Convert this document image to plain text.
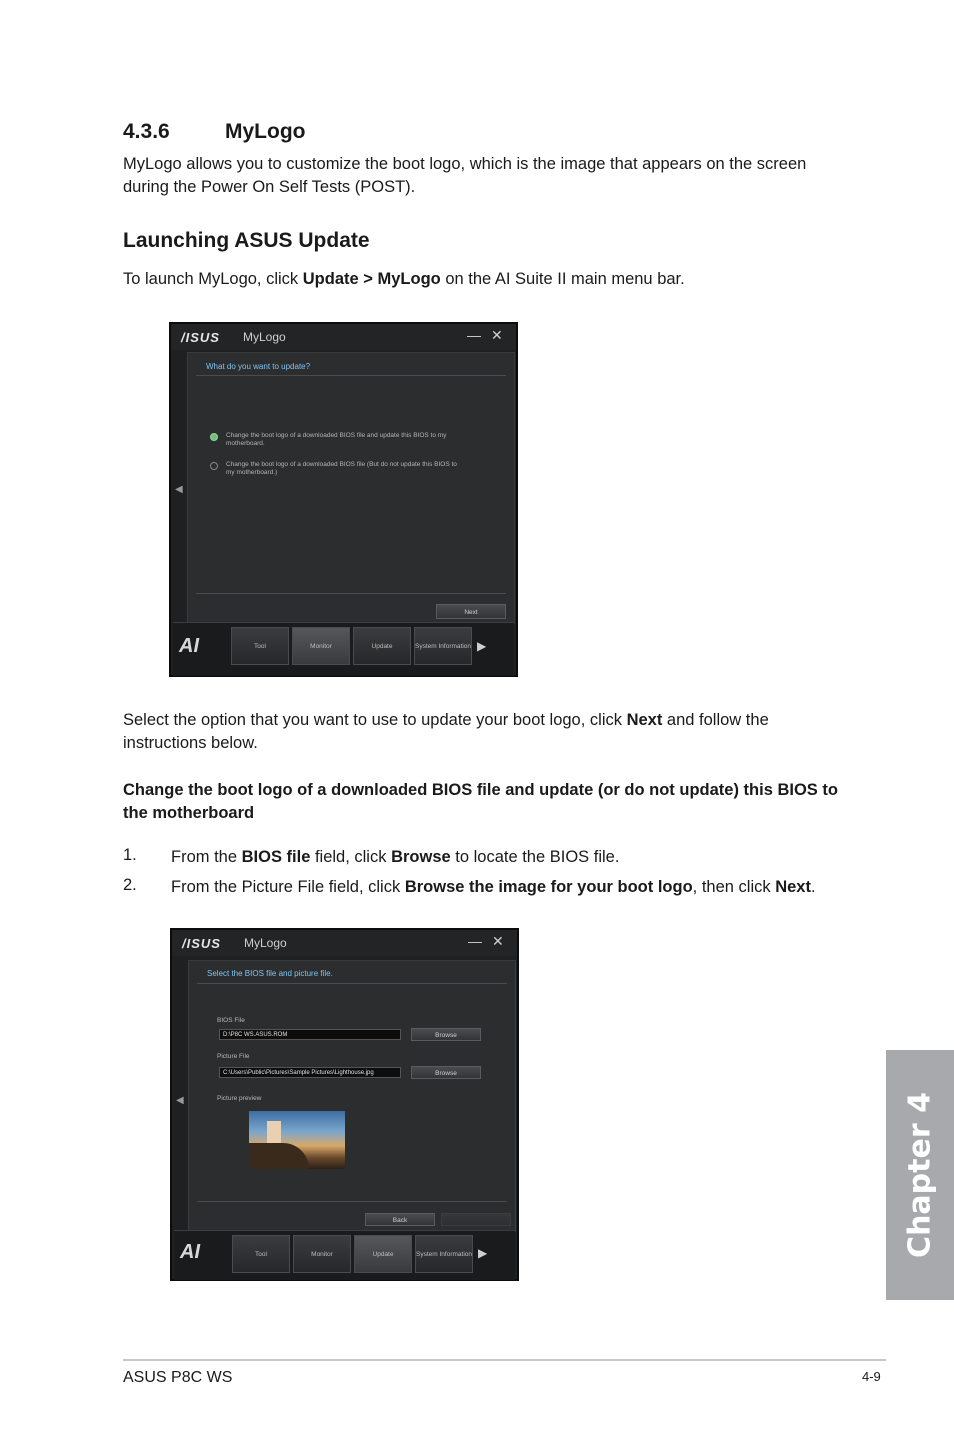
4.3.6	MyLogo
MyLogo allows you to customize the boot logo, which is the image that appears on the screen during the Power On Self Tests (POST).
Launching ASUS Update
To launch MyLogo, click Update > MyLogo on the AI Suite II main menu bar.
/ISUS MyLogo	— ✕
◀
What do you want to update?
Change the boot logo of a downloaded BIOS file and update this BIOS to my motherboard.
Change the boot logo of a downloaded BIOS file (But do not update this BIOS to my motherboard.)
Next
AI	Tool	Monitor	Update	System Information ▶
Select the option that you want to use to update your boot logo, click Next and follow the instructions below.
Change the boot logo of a downloaded BIOS file and update (or do not update) this BIOS to the motherboard
1. From the BIOS file field, click Browse to locate the BIOS file.
2. From the Picture File field, click Browse the image for your boot logo, then click Next.
/ISUS MyLogo	— ✕
◀
Select the BIOS file and picture file.
BIOS File
D:\P8C WS.ASUS.ROM	Browse
Picture File
C:\Users\Public\Pictures\Sample Pictures\Lighthouse.jpg	Browse
Picture preview
Back
AI	Tool	Monitor	Update	System Information ▶	Chapter 4
ASUS P8C WS	4-9
